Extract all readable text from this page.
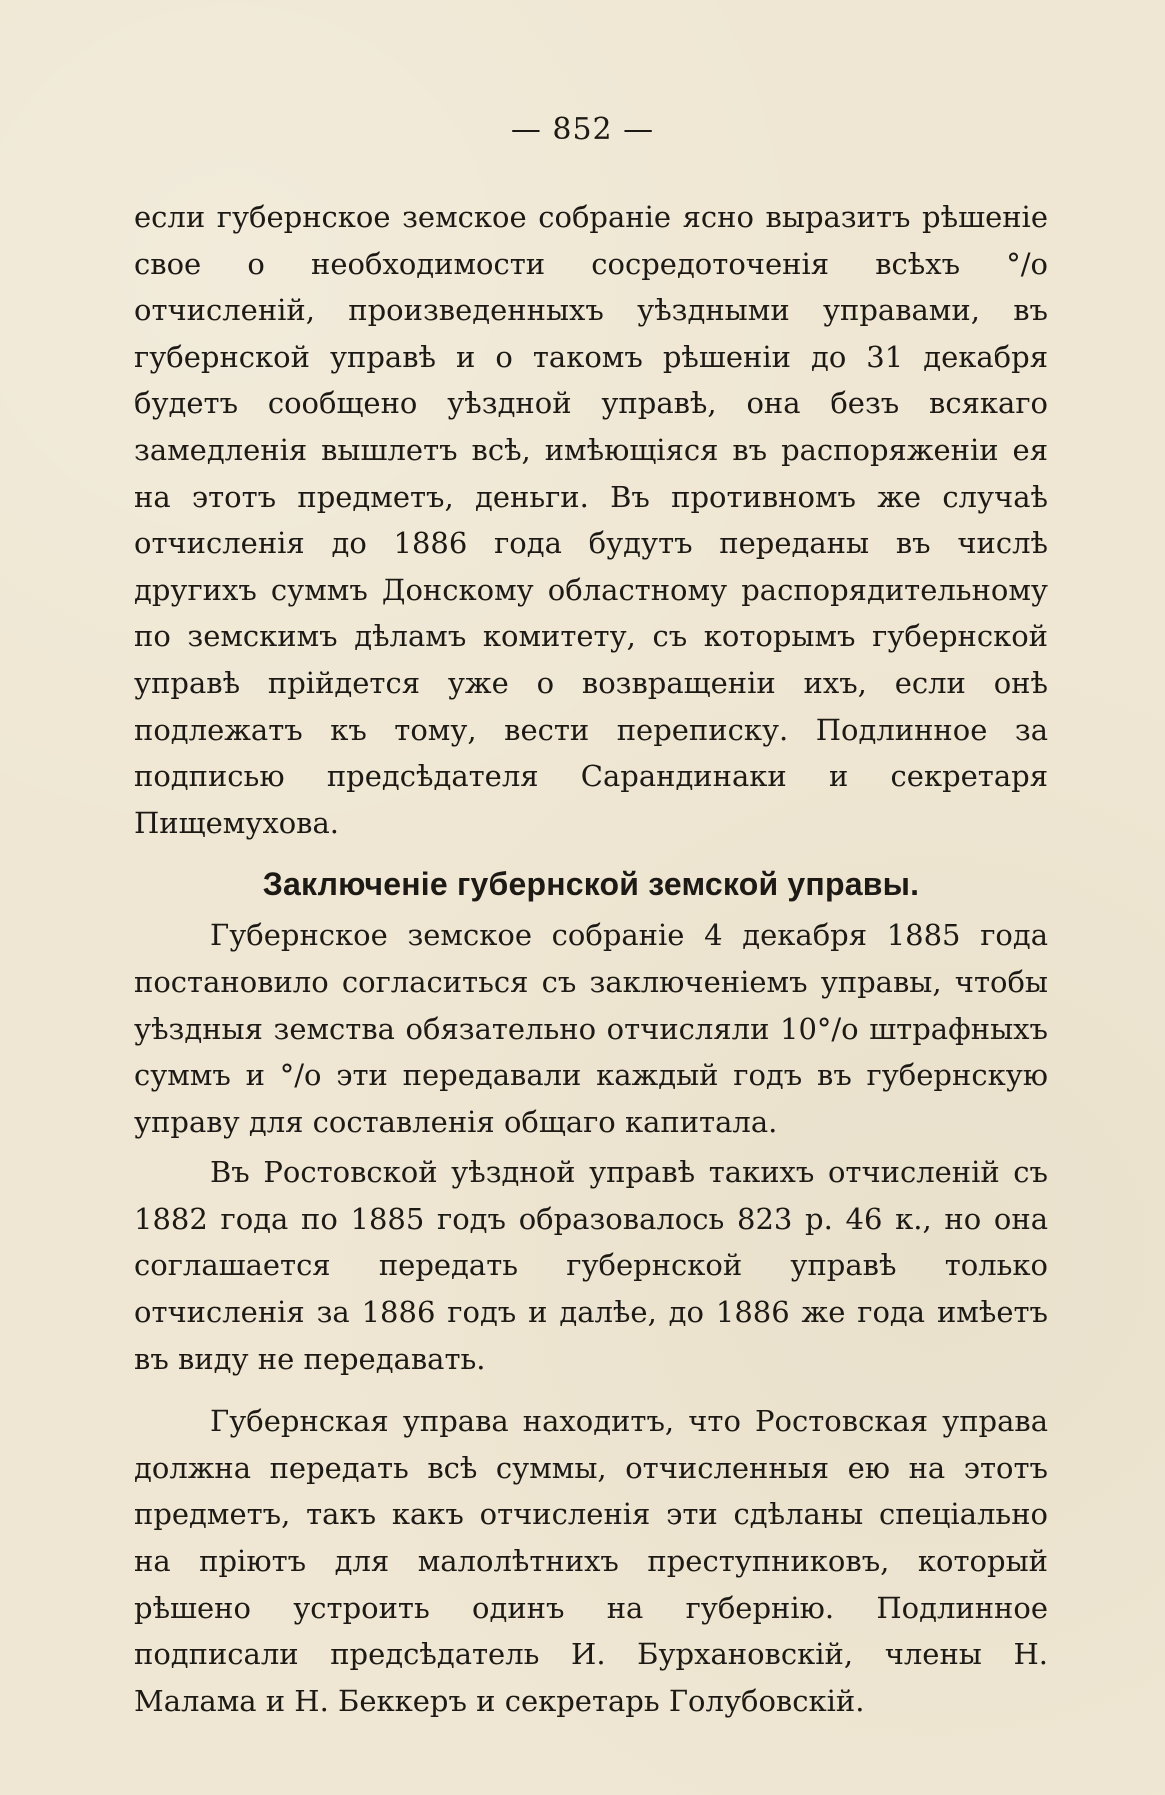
— 852 —

если губернское земское собраніе ясно выразитъ рѣшеніе свое о необходимости сосредоточенія всѣхъ °/о отчисленій, произведенныхъ уѣздными управами, въ губернской управѣ и о такомъ рѣшеніи до 31 декабря будетъ сообщено уѣздной управѣ, она безъ всякаго замедленія вышлетъ всѣ, имѣющіяся въ распоряженіи ея на этотъ предметъ, деньги. Въ противномъ же случаѣ отчисленія до 1886 года будутъ переданы въ числѣ другихъ суммъ Донскому областному распорядительному по земскимъ дѣламъ комитету, съ которымъ губернской управѣ прійдется уже о возвращеніи ихъ, если онѣ подлежатъ къ тому, вести переписку. Подлинное за подписью предсѣдателя Сарандинаки и секретаря Пищемухова.

Заключеніе губернской земской управы.

Губернское земское собраніе 4 декабря 1885 года постановило согласиться съ заключеніемъ управы, чтобы уѣздныя земства обязательно отчисляли 10°/о штрафныхъ суммъ и °/о эти передавали каждый годъ въ губернскую управу для составленія общаго капитала.

Въ Ростовской уѣздной управѣ такихъ отчисленій съ 1882 года по 1885 годъ образовалось 823 р. 46 к., но она соглашается передать губернской управѣ только отчисленія за 1886 годъ и далѣе, до 1886 же года имѣетъ въ виду не передавать.

Губернская управа находитъ, что Ростовская управа должна передать всѣ суммы, отчисленныя ею на этотъ предметъ, такъ какъ отчисленія эти сдѣланы спеціально на пріютъ для малолѣтнихъ преступниковъ, который рѣшено устроить одинъ на губернію. Подлинное подписали предсѣдатель И. Бурхановскій, члены Н. Малама и Н. Беккеръ и секретарь Голубовскій.
